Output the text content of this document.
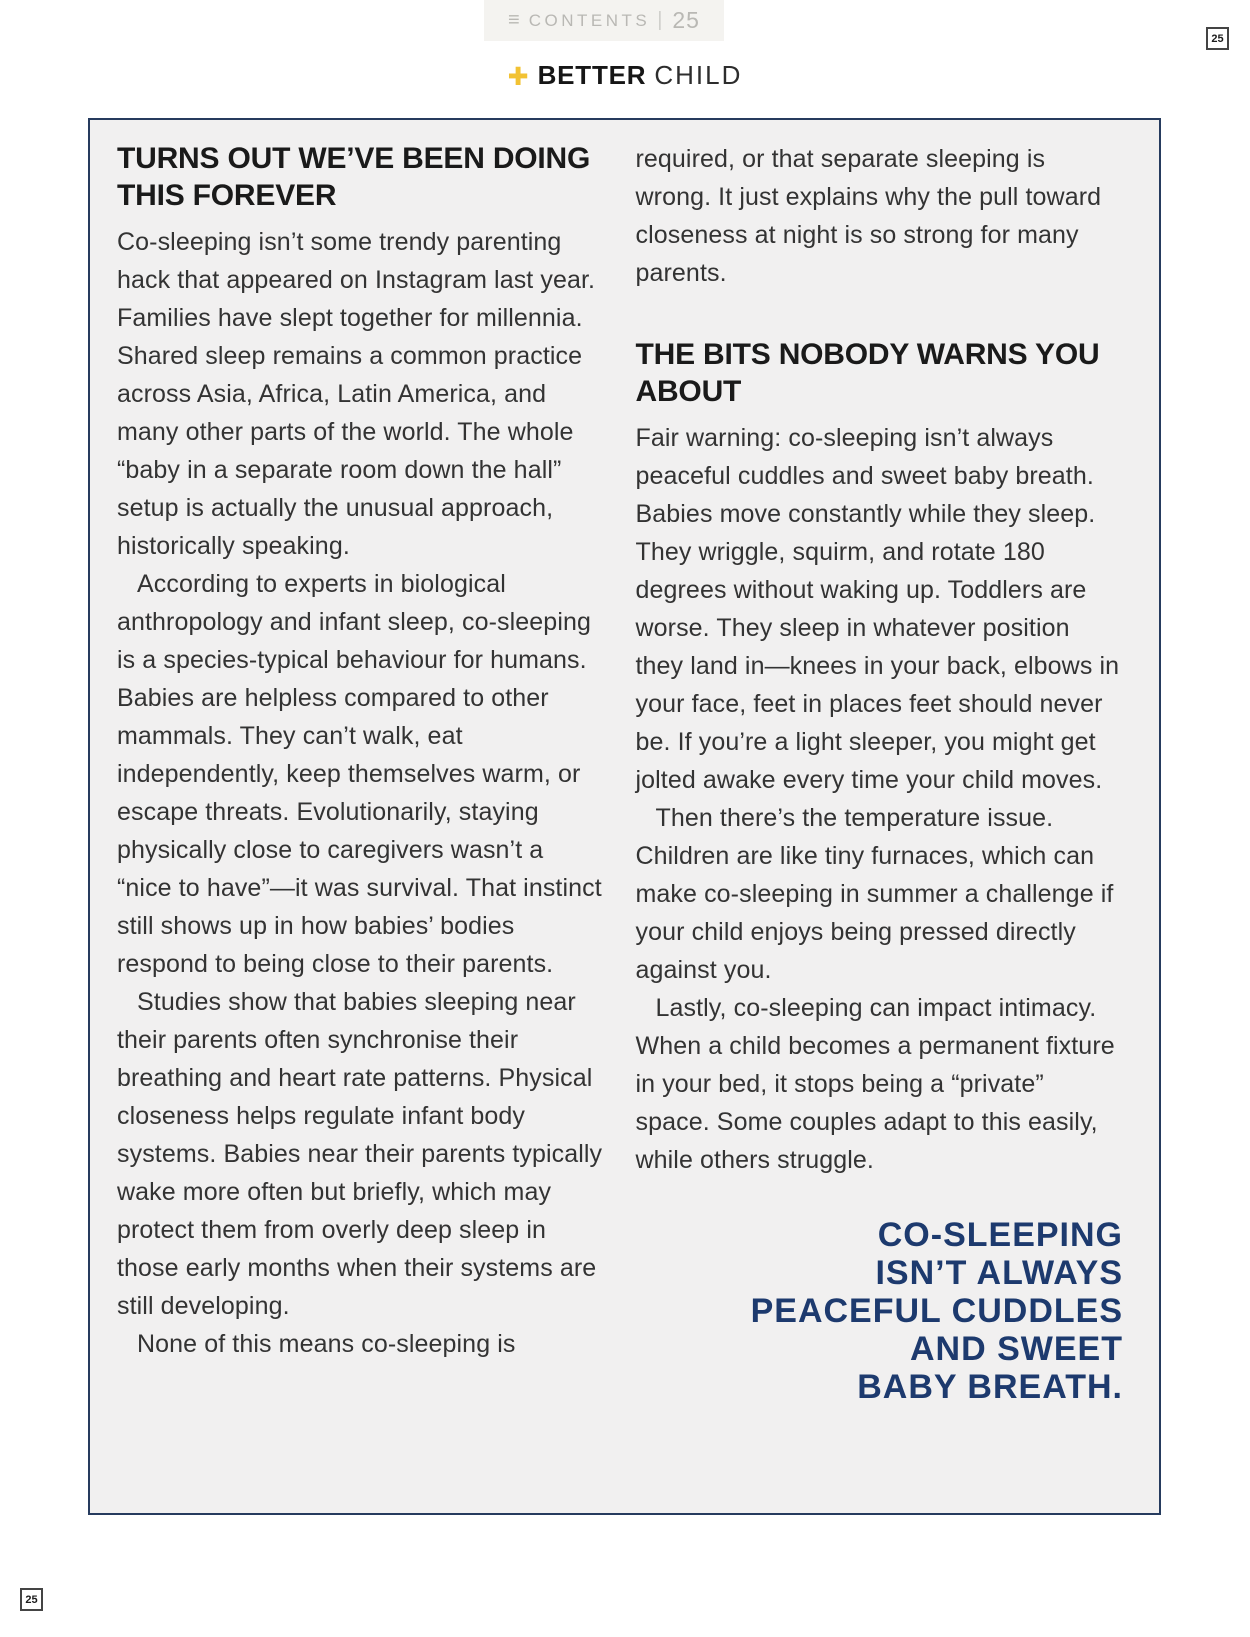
≡ CONTENTS | 25
25
✚ BETTER CHILD
TURNS OUT WE’VE BEEN DOING THIS FOREVER

Co-sleeping isn’t some trendy parenting hack that appeared on Instagram last year. Families have slept together for millennia. Shared sleep remains a common practice across Asia, Africa, Latin America, and many other parts of the world. The whole “baby in a separate room down the hall” setup is actually the unusual approach, historically speaking.

According to experts in biological anthropology and infant sleep, co-sleeping is a species-typical behaviour for humans. Babies are helpless compared to other mammals. They can’t walk, eat independently, keep themselves warm, or escape threats. Evolutionarily, staying physically close to caregivers wasn’t a “nice to have”—it was survival. That instinct still shows up in how babies’ bodies respond to being close to their parents.

Studies show that babies sleeping near their parents often synchronise their breathing and heart rate patterns. Physical closeness helps regulate infant body systems. Babies near their parents typically wake more often but briefly, which may protect them from overly deep sleep in those early months when their systems are still developing.

None of this means co-sleeping is

required, or that separate sleeping is wrong. It just explains why the pull toward closeness at night is so strong for many parents.

THE BITS NOBODY WARNS YOU ABOUT

Fair warning: co-sleeping isn’t always peaceful cuddles and sweet baby breath. Babies move constantly while they sleep. They wriggle, squirm, and rotate 180 degrees without waking up. Toddlers are worse. They sleep in whatever position they land in—knees in your back, elbows in your face, feet in places feet should never be. If you’re a light sleeper, you might get jolted awake every time your child moves.

Then there’s the temperature issue. Children are like tiny furnaces, which can make co-sleeping in summer a challenge if your child enjoys being pressed directly against you.

Lastly, co-sleeping can impact intimacy. When a child becomes a permanent fixture in your bed, it stops being a “private” space. Some couples adapt to this easily, while others struggle.

CO-SLEEPING
ISN’T ALWAYS
PEACEFUL CUDDLES
AND SWEET
BABY BREATH.
25
